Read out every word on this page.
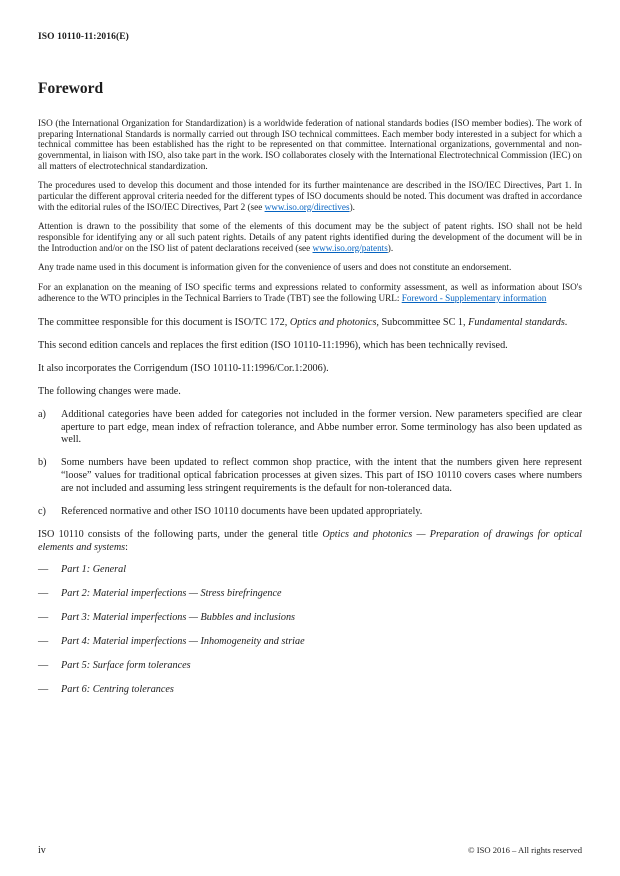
ISO 10110-11:2016(E)
Foreword

ISO (the International Organization for Standardization) is a worldwide federation of national standards bodies (ISO member bodies). The work of preparing International Standards is normally carried out through ISO technical committees. Each member body interested in a subject for which a technical committee has been established has the right to be represented on that committee. International organizations, governmental and non-governmental, in liaison with ISO, also take part in the work. ISO collaborates closely with the International Electrotechnical Commission (IEC) on all matters of electrotechnical standardization.

The procedures used to develop this document and those intended for its further maintenance are described in the ISO/IEC Directives, Part 1. In particular the different approval criteria needed for the different types of ISO documents should be noted. This document was drafted in accordance with the editorial rules of the ISO/IEC Directives, Part 2 (see www.iso.org/directives).

Attention is drawn to the possibility that some of the elements of this document may be the subject of patent rights. ISO shall not be held responsible for identifying any or all such patent rights. Details of any patent rights identified during the development of the document will be in the Introduction and/or on the ISO list of patent declarations received (see www.iso.org/patents).

Any trade name used in this document is information given for the convenience of users and does not constitute an endorsement.

For an explanation on the meaning of ISO specific terms and expressions related to conformity assessment, as well as information about ISO's adherence to the WTO principles in the Technical Barriers to Trade (TBT) see the following URL: Foreword - Supplementary information

The committee responsible for this document is ISO/TC 172, Optics and photonics, Subcommittee SC 1, Fundamental standards.

This second edition cancels and replaces the first edition (ISO 10110-11:1996), which has been technically revised.

It also incorporates the Corrigendum (ISO 10110-11:1996/Cor.1:2006).

The following changes were made.

a)	Additional categories have been added for categories not included in the former version. New parameters specified are clear aperture to part edge, mean index of refraction tolerance, and Abbe number error. Some terminology has also been updated as well.
b)	Some numbers have been updated to reflect common shop practice, with the intent that the numbers given here represent “loose” values for traditional optical fabrication processes at given sizes. This part of ISO 10110 covers cases where numbers are not included and assuming less stringent requirements is the default for non-toleranced data.
c)	Referenced normative and other ISO 10110 documents have been updated appropriately.

ISO 10110 consists of the following parts, under the general title Optics and photonics — Preparation of drawings for optical elements and systems:

—	Part 1: General
—	Part 2: Material imperfections — Stress birefringence
—	Part 3: Material imperfections — Bubbles and inclusions
—	Part 4: Material imperfections — Inhomogeneity and striae
—	Part 5: Surface form tolerances
—	Part 6: Centring tolerances
iv	© ISO 2016 – All rights reserved
